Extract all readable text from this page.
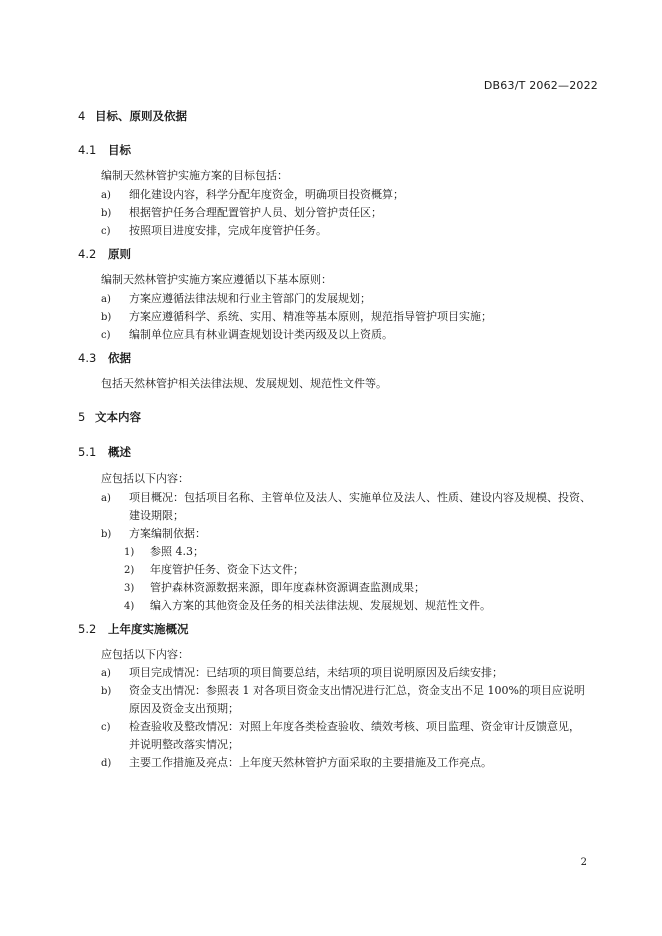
DB63/T 2062—2022
4 目标、原则及依据
4.1 目标
编制天然林管护实施方案的目标包括：
a) 细化建设内容，科学分配年度资金，明确项目投资概算；
b) 根据管护任务合理配置管护人员、划分管护责任区；
c) 按照项目进度安排，完成年度管护任务。
4.2 原则
编制天然林管护实施方案应遵循以下基本原则：
a) 方案应遵循法律法规和行业主管部门的发展规划；
b) 方案应遵循科学、系统、实用、精准等基本原则，规范指导管护项目实施；
c) 编制单位应具有林业调查规划设计类丙级及以上资质。
4.3 依据
包括天然林管护相关法律法规、发展规划、规范性文件等。
5 文本内容
5.1 概述
应包括以下内容：
a) 项目概况：包括项目名称、主管单位及法人、实施单位及法人、性质、建设内容及规模、投资、
建设期限；
b) 方案编制依据：
1) 参照 4.3；
2) 年度管护任务、资金下达文件；
3) 管护森林资源数据来源，即年度森林资源调查监测成果；
4) 编入方案的其他资金及任务的相关法律法规、发展规划、规范性文件。
5.2 上年度实施概况
应包括以下内容：
a) 项目完成情况：已结项的项目简要总结，未结项的项目说明原因及后续安排；
b) 资金支出情况：参照表 1 对各项目资金支出情况进行汇总，资金支出不足 100%的项目应说明
原因及资金支出预期；
c) 检查验收及整改情况：对照上年度各类检查验收、绩效考核、项目监理、资金审计反馈意见，
并说明整改落实情况；
d) 主要工作措施及亮点：上年度天然林管护方面采取的主要措施及工作亮点。
2
